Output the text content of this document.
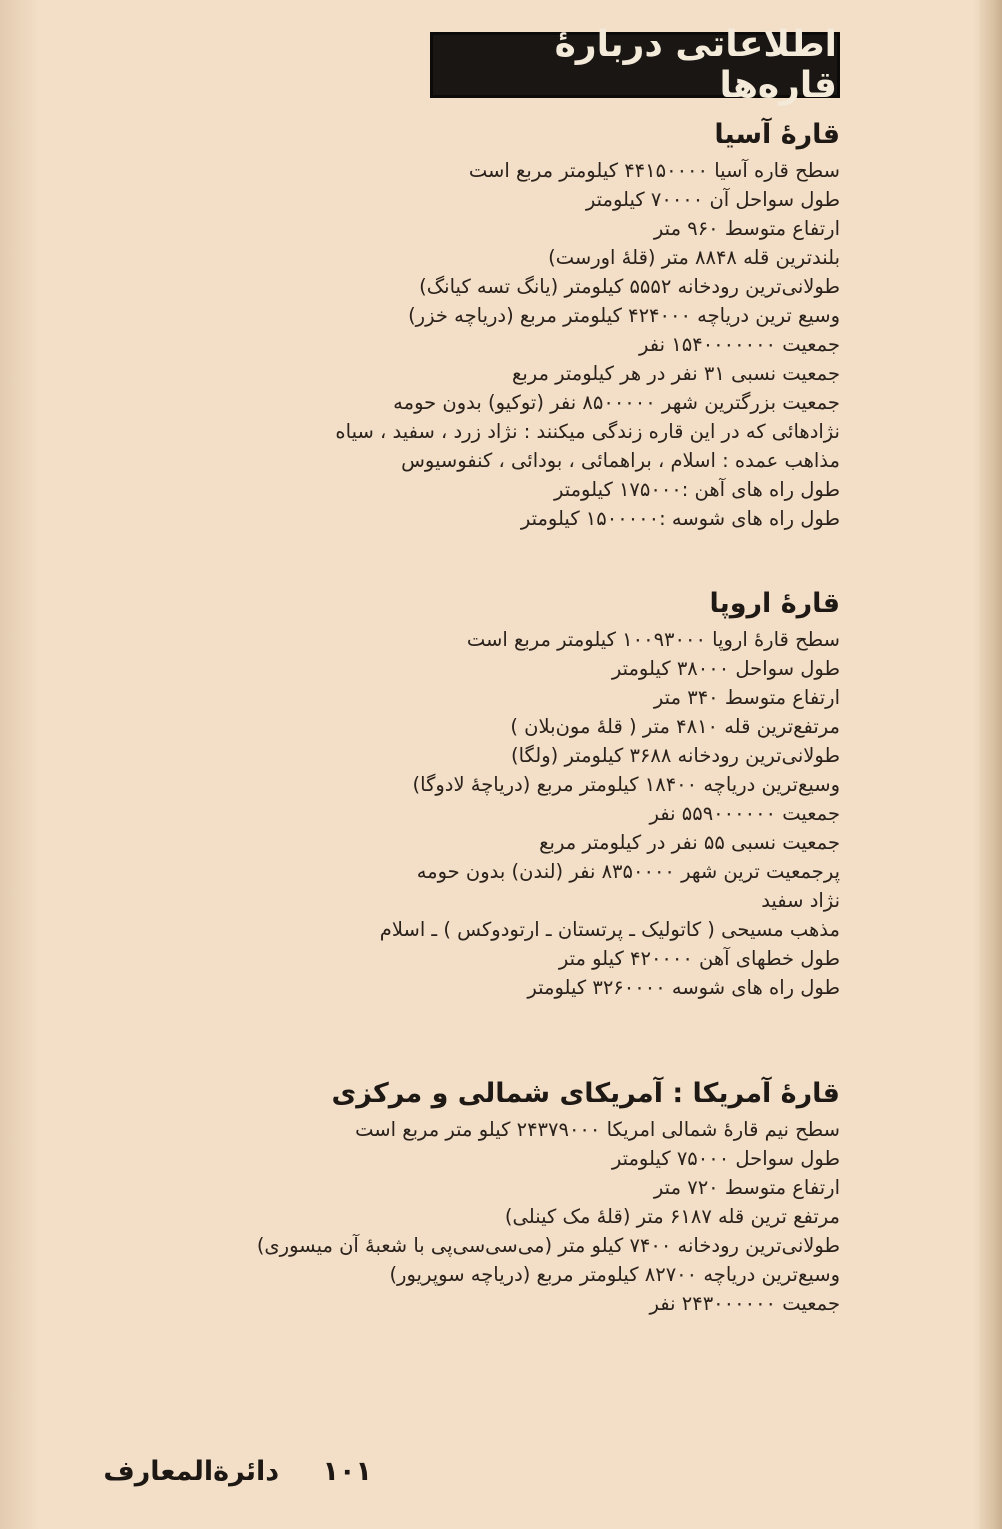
اطلاعاتی دربارهٔ قاره‌ها
قارهٔ آسیا
سطح قاره آسیا ۴۴۱۵۰۰۰۰ کیلومتر مربع است
طول سواحل آن ۷۰۰۰۰ کیلومتر
ارتفاع متوسط ۹۶۰ متر
بلندترین قله ۸۸۴۸ متر (قلهٔ اورست)
طولانی‌ترین رودخانه ۵۵۵۲ کیلومتر (یانگ تسه کیانگ)
وسیع ترین دریاچه ۴۲۴۰۰۰ کیلومتر مربع (دریاچه خزر)
جمعیت ۱۵۴۰۰۰۰۰۰۰ نفر
جمعیت نسبی ۳۱ نفر در هر کیلومتر مربع
جمعیت بزرگترین شهر ۸۵۰۰۰۰۰ نفر (توکیو) بدون حومه
نژادهائی که در این قاره زندگی میکنند : نژاد زرد ، سفید ، سیاه
مذاهب عمده : اسلام ، براهمائی ، بودائی ، کنفوسیوس
طول راه های آهن :۱۷۵۰۰۰ کیلومتر
طول راه های شوسه :۱۵۰۰۰۰۰ کیلومتر
قارهٔ اروپا
سطح قارهٔ اروپا ۱۰۰۹۳۰۰۰ کیلومتر مربع است
طول سواحل ۳۸۰۰۰ کیلومتر
ارتفاع متوسط ۳۴۰ متر
مرتفع‌ترین قله ۴۸۱۰ متر ( قلهٔ مون‌بلان )
طولانی‌ترین رودخانه ۳۶۸۸ کیلومتر (ولگا)
وسیع‌ترین دریاچه ۱۸۴۰۰ کیلومتر مربع (دریاچهٔ لادوگا)
جمعیت ۵۵۹۰۰۰۰۰۰ نفر
جمعیت نسبی ۵۵ نفر در کیلومتر مربع
پرجمعیت ترین شهر ۸۳۵۰۰۰۰ نفر (لندن) بدون حومه
نژاد سفید
مذهب مسیحی ( کاتولیک ـ پرتستان ـ ارتودوکس ) ـ اسلام
طول خطهای آهن ۴۲۰۰۰۰ کیلو متر
طول راه های شوسه ۳۲۶۰۰۰۰ کیلومتر
قارهٔ آمریکا : آمریکای شمالی و مرکزی
سطح نیم قارهٔ شمالی امریکا ۲۴۳۷۹۰۰۰ کیلو متر مربع است
طول سواحل ۷۵۰۰۰ کیلومتر
ارتفاع متوسط ۷۲۰ متر
مرتفع ترین قله ۶۱۸۷ متر (قلهٔ مک کینلی)
طولانی‌ترین رودخانه ۷۴۰۰ کیلو متر (می‌سی‌سی‌پی با شعبهٔ آن میسوری)
وسیع‌ترین دریاچه ۸۲۷۰۰ کیلومتر مربع (دریاچه سوپریور)
جمعیت ۲۴۳۰۰۰۰۰۰ نفر
۱۰۱ دائرةالمعارف
